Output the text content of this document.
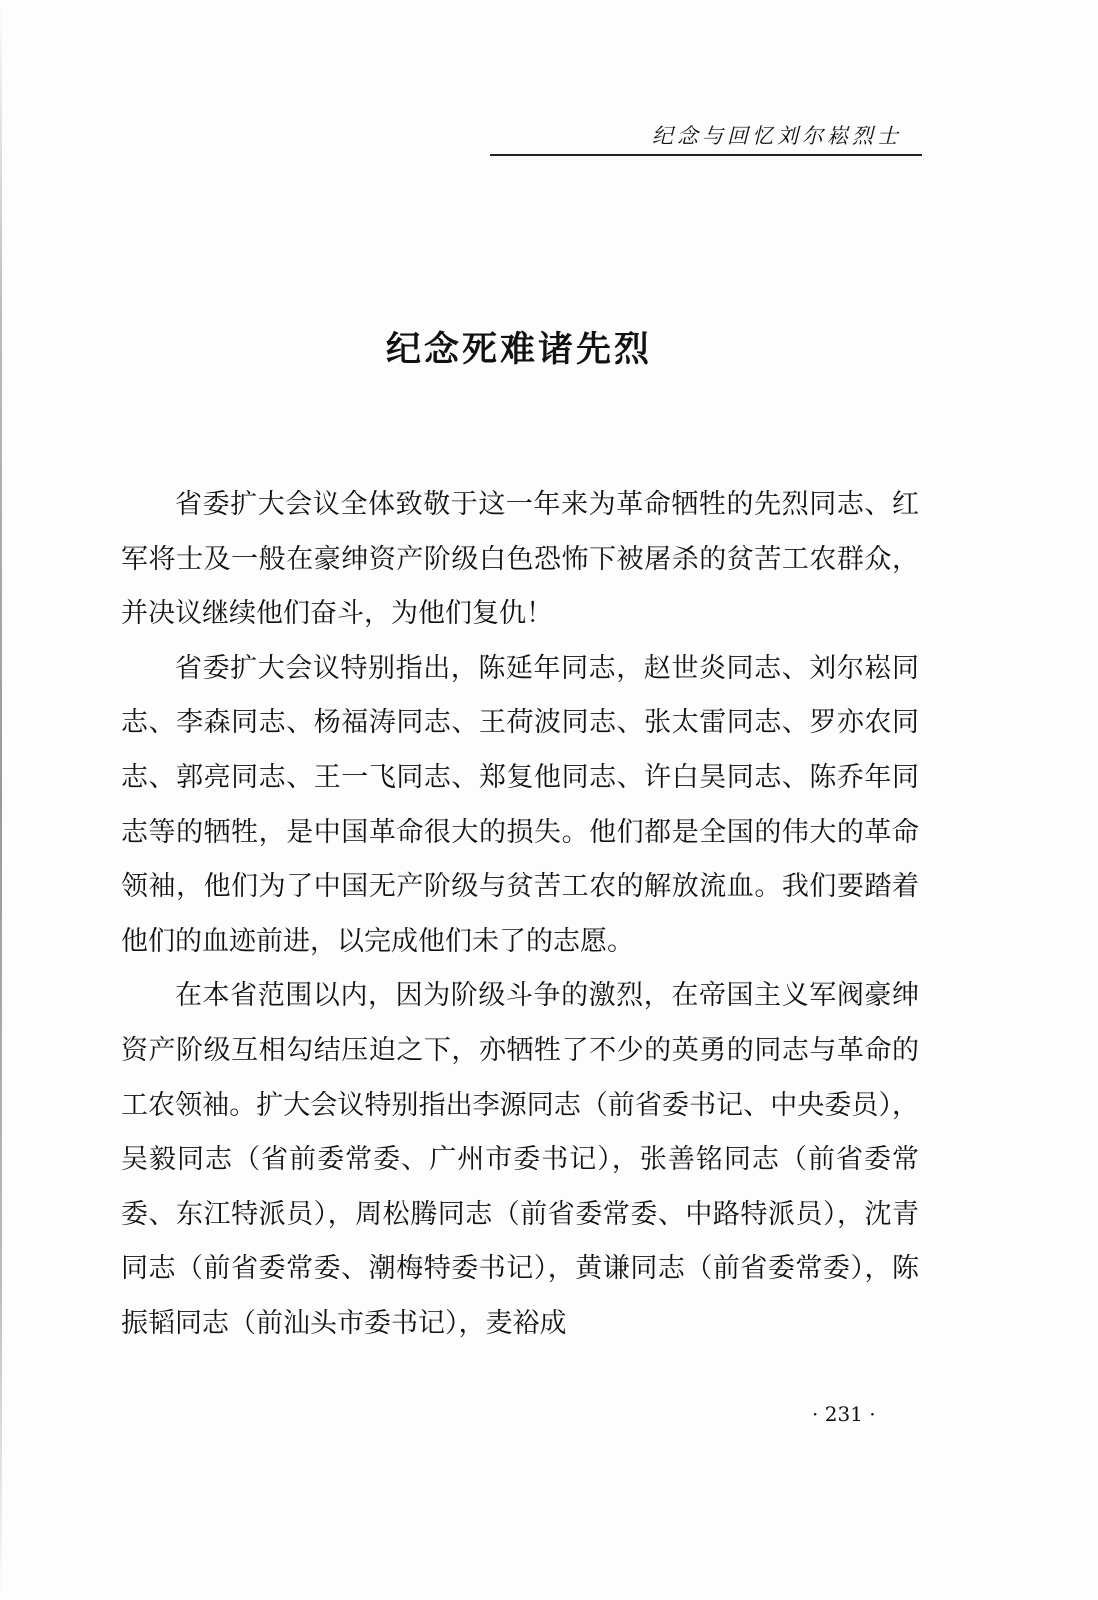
纪念与回忆刘尔崧烈士
纪念死难诸先烈

省委扩大会议全体致敬于这一年来为革命牺牲的先烈同志、红军将士及一般在豪绅资产阶级白色恐怖下被屠杀的贫苦工农群众，并决议继续他们奋斗，为他们复仇！

省委扩大会议特别指出，陈延年同志，赵世炎同志、刘尔崧同志、李森同志、杨福涛同志、王荷波同志、张太雷同志、罗亦农同志、郭亮同志、王一飞同志、郑复他同志、许白昊同志、陈乔年同志等的牺牲，是中国革命很大的损失。他们都是全国的伟大的革命领袖，他们为了中国无产阶级与贫苦工农的解放流血。我们要踏着他们的血迹前进，以完成他们未了的志愿。

在本省范围以内，因为阶级斗争的激烈，在帝国主义军阀豪绅资产阶级互相勾结压迫之下，亦牺牲了不少的英勇的同志与革命的工农领袖。扩大会议特别指出李源同志（前省委书记、中央委员），吴毅同志（省前委常委、广州市委书记），张善铭同志（前省委常委、东江特派员），周松腾同志（前省委常委、中路特派员），沈青同志（前省委常委、潮梅特委书记），黄谦同志（前省委常委），陈振韬同志（前汕头市委书记），麦裕成

· 231 ·
